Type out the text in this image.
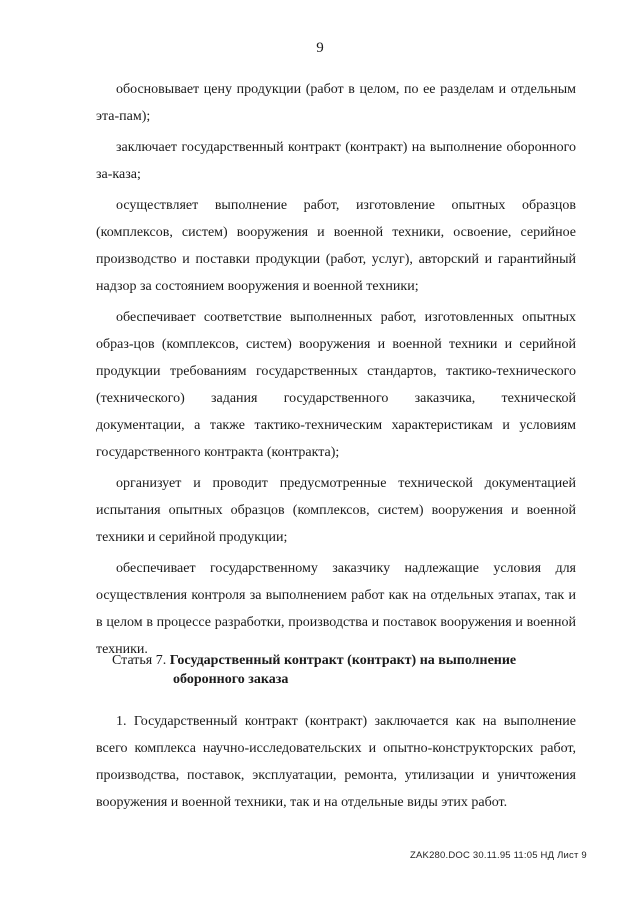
9

обосновывает цену продукции (работ в целом, по ее разделам и отдельным эта-пам);

заключает государственный контракт (контракт) на выполнение оборонного за-каза;

осуществляет выполнение работ, изготовление опытных образцов (комплексов, систем) вооружения и военной техники, освоение, серийное производство и поставки продукции (работ, услуг), авторский и гарантийный надзор за состоянием вооружения и военной техники;

обеспечивает соответствие выполненных работ, изготовленных опытных образ-цов (комплексов, систем) вооружения и военной техники и серийной продукции требованиям государственных стандартов, тактико-технического (технического) задания государственного заказчика, технической документации, а также тактико-техническим характеристикам и условиям государственного контракта (контракта);

организует и проводит предусмотренные технической документацией испытания опытных образцов (комплексов, систем) вооружения и военной техники и серийной продукции;

обеспечивает государственному заказчику надлежащие условия для осуществления контроля за выполнением работ как на отдельных этапах, так и в целом в процессе разработки, производства и поставок вооружения и военной техники.

Статья 7. Государственный контракт (контракт) на выполнение
оборонного заказа

1. Государственный контракт (контракт) заключается как на выполнение всего комплекса научно-исследовательских и опытно-конструкторских работ, производства, поставок, эксплуатации, ремонта, утилизации и уничтожения вооружения и военной техники, так и на отдельные виды этих работ.

ZAK280.DOC 30.11.95 11:05 НД Лист 9
